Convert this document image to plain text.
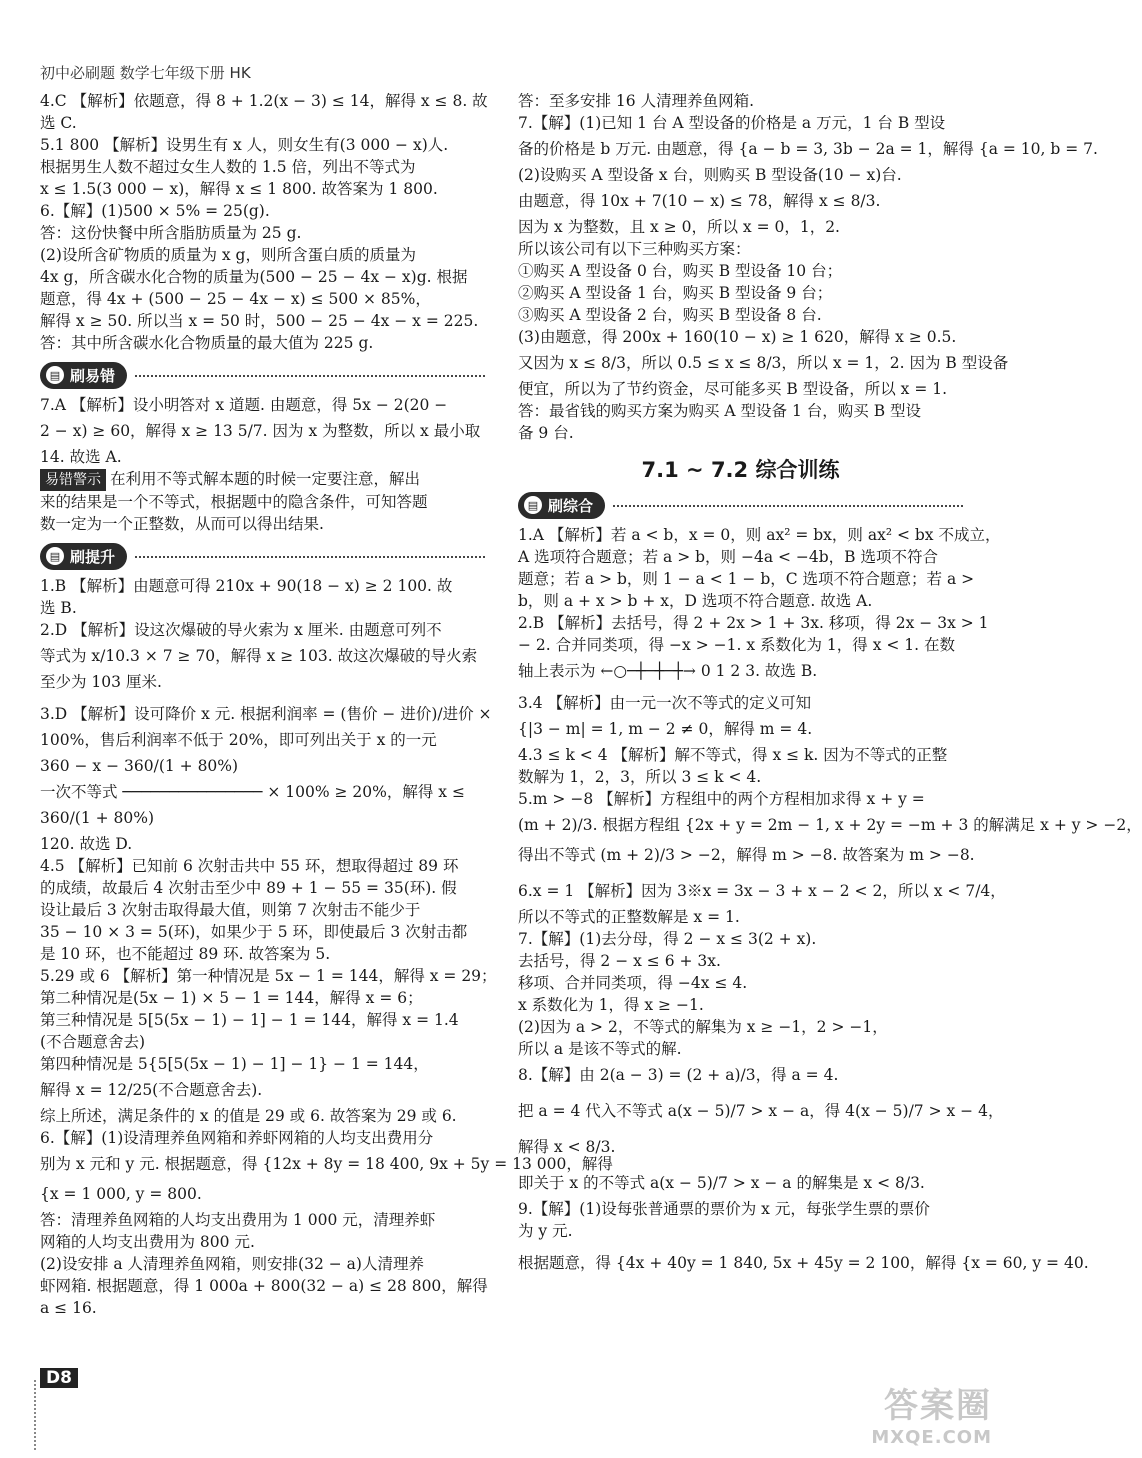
初中必刷题 数学七年级下册 HK
4.C 【解析】依题意，得 8 + 1.2(x − 3) ≤ 14，解得 x ≤ 8. 故
选 C.
5.1 800 【解析】设男生有 x 人，则女生有(3 000 − x)人.
根据男生人数不超过女生人数的 1.5 倍，列出不等式为
x ≤ 1.5(3 000 − x)，解得 x ≤ 1 800. 故答案为 1 800.
6.【解】(1)500 × 5% = 25(g).
答：这份快餐中所含脂肪质量为 25 g.
(2)设所含矿物质的质量为 x g，则所含蛋白质的质量为
4x g，所含碳水化合物的质量为(500 − 25 − 4x − x)g. 根据
题意，得 4x + (500 − 25 − 4x − x) ≤ 500 × 85%，
解得 x ≥ 50. 所以当 x = 50 时，500 − 25 − 4x − x = 225.
答：其中所含碳水化合物质量的最大值为 225 g.
▤ 刷易错
7.A 【解析】设小明答对 x 道题. 由题意，得 5x − 2(20 −
2 − x) ≥ 60，解得 x ≥ 13 5/7. 因为 x 为整数，所以 x 最小取
14. 故选 A.
易错警示 在利用不等式解本题的时候一定要注意，解出
来的结果是一个不等式，根据题中的隐含条件，可知答题
数一定为一个正整数，从而可以得出结果.
▤ 刷提升
1.B 【解析】由题意可得 210x + 90(18 − x) ≥ 2 100. 故
选 B.
2.D 【解析】设这次爆破的导火索为 x 厘米. 由题意可列不
等式为 x/10.3 × 7 ≥ 70，解得 x ≥ 103. 故这次爆破的导火索
至少为 103 厘米.
3.D 【解析】设可降价 x 元. 根据利润率 = (售价 − 进价)/进价 ×
100%，售后利润率不低于 20%，即可列出关于 x 的一元
360 − x − 360/(1 + 80%)
一次不等式 ─────────────── × 100% ≥ 20%，解得 x ≤
360/(1 + 80%)
120. 故选 D.
4.5 【解析】已知前 6 次射击共中 55 环，想取得超过 89 环
的成绩，故最后 4 次射击至少中 89 + 1 − 55 = 35(环). 假
设让最后 3 次射击取得最大值，则第 7 次射击不能少于
35 − 10 × 3 = 5(环)，如果少于 5 环，即使最后 3 次射击都
是 10 环，也不能超过 89 环. 故答案为 5.
5.29 或 6 【解析】第一种情况是 5x − 1 = 144，解得 x = 29；
第二种情况是(5x − 1) × 5 − 1 = 144，解得 x = 6；
第三种情况是 5[5(5x − 1) − 1] − 1 = 144，解得 x = 1.4
(不合题意舍去)
第四种情况是 5{5[5(5x − 1) − 1] − 1} − 1 = 144，
解得 x = 12/25(不合题意舍去).
综上所述，满足条件的 x 的值是 29 或 6. 故答案为 29 或 6.
6.【解】(1)设清理养鱼网箱和养虾网箱的人均支出费用分
别为 x 元和 y 元. 根据题意，得 {12x + 8y = 18 400, 9x + 5y = 13 000，解得
{x = 1 000, y = 800.
答：清理养鱼网箱的人均支出费用为 1 000 元，清理养虾
网箱的人均支出费用为 800 元.
(2)设安排 a 人清理养鱼网箱，则安排(32 − a)人清理养
虾网箱. 根据题意，得 1 000a + 800(32 − a) ≤ 28 800，解得
a ≤ 16.
答：至多安排 16 人清理养鱼网箱.
7.【解】(1)已知 1 台 A 型设备的价格是 a 万元，1 台 B 型设
备的价格是 b 万元. 由题意，得 {a − b = 3, 3b − 2a = 1，解得 {a = 10, b = 7.
(2)设购买 A 型设备 x 台，则购买 B 型设备(10 − x)台.
由题意，得 10x + 7(10 − x) ≤ 78，解得 x ≤ 8/3.
因为 x 为整数，且 x ≥ 0，所以 x = 0，1，2.
所以该公司有以下三种购买方案：
①购买 A 型设备 0 台，购买 B 型设备 10 台；
②购买 A 型设备 1 台，购买 B 型设备 9 台；
③购买 A 型设备 2 台，购买 B 型设备 8 台.
(3)由题意，得 200x + 160(10 − x) ≥ 1 620，解得 x ≥ 0.5.
又因为 x ≤ 8/3，所以 0.5 ≤ x ≤ 8/3，所以 x = 1，2. 因为 B 型设备
便宜，所以为了节约资金，尽可能多买 B 型设备，所以 x = 1.
答：最省钱的购买方案为购买 A 型设备 1 台，购买 B 型设
备 9 台.
7.1 ~ 7.2 综合训练
▤ 刷综合
1.A 【解析】若 a < b，x = 0，则 ax² = bx，则 ax² < bx 不成立，
A 选项符合题意；若 a > b，则 −4a < −4b，B 选项不符合
题意；若 a > b，则 1 − a < 1 − b，C 选项不符合题意；若 a >
b，则 a + x > b + x，D 选项不符合题意. 故选 A.
2.B 【解析】去括号，得 2 + 2x > 1 + 3x. 移项，得 2x − 3x > 1
− 2. 合并同类项，得 −x > −1. x 系数化为 1，得 x < 1. 在数
轴上表示为 ←○─┼─┼─┼→ 0 1 2 3. 故选 B.
3.4 【解析】由一元一次不等式的定义可知
{|3 − m| = 1, m − 2 ≠ 0，解得 m = 4.
4.3 ≤ k < 4 【解析】解不等式，得 x ≤ k. 因为不等式的正整
数解为 1，2，3，所以 3 ≤ k < 4.
5.m > −8 【解析】方程组中的两个方程相加求得 x + y =
(m + 2)/3. 根据方程组 {2x + y = 2m − 1, x + 2y = −m + 3 的解满足 x + y > −2，
得出不等式 (m + 2)/3 > −2，解得 m > −8. 故答案为 m > −8.
6.x = 1 【解析】因为 3※x = 3x − 3 + x − 2 < 2，所以 x < 7/4，
所以不等式的正整数解是 x = 1.
7.【解】(1)去分母，得 2 − x ≤ 3(2 + x).
去括号，得 2 − x ≤ 6 + 3x.
移项、合并同类项，得 −4x ≤ 4.
x 系数化为 1，得 x ≥ −1.
(2)因为 a > 2，不等式的解集为 x ≥ −1，2 > −1，
所以 a 是该不等式的解.
8.【解】由 2(a − 3) = (2 + a)/3，得 a = 4.
把 a = 4 代入不等式 a(x − 5)/7 > x − a，得 4(x − 5)/7 > x − 4，
解得 x < 8/3.
即关于 x 的不等式 a(x − 5)/7 > x − a 的解集是 x < 8/3.
9.【解】(1)设每张普通票的票价为 x 元，每张学生票的票价
为 y 元.
根据题意，得 {4x + 40y = 1 840, 5x + 45y = 2 100，解得 {x = 60, y = 40.
D8
答案圈
MXQE.COM
